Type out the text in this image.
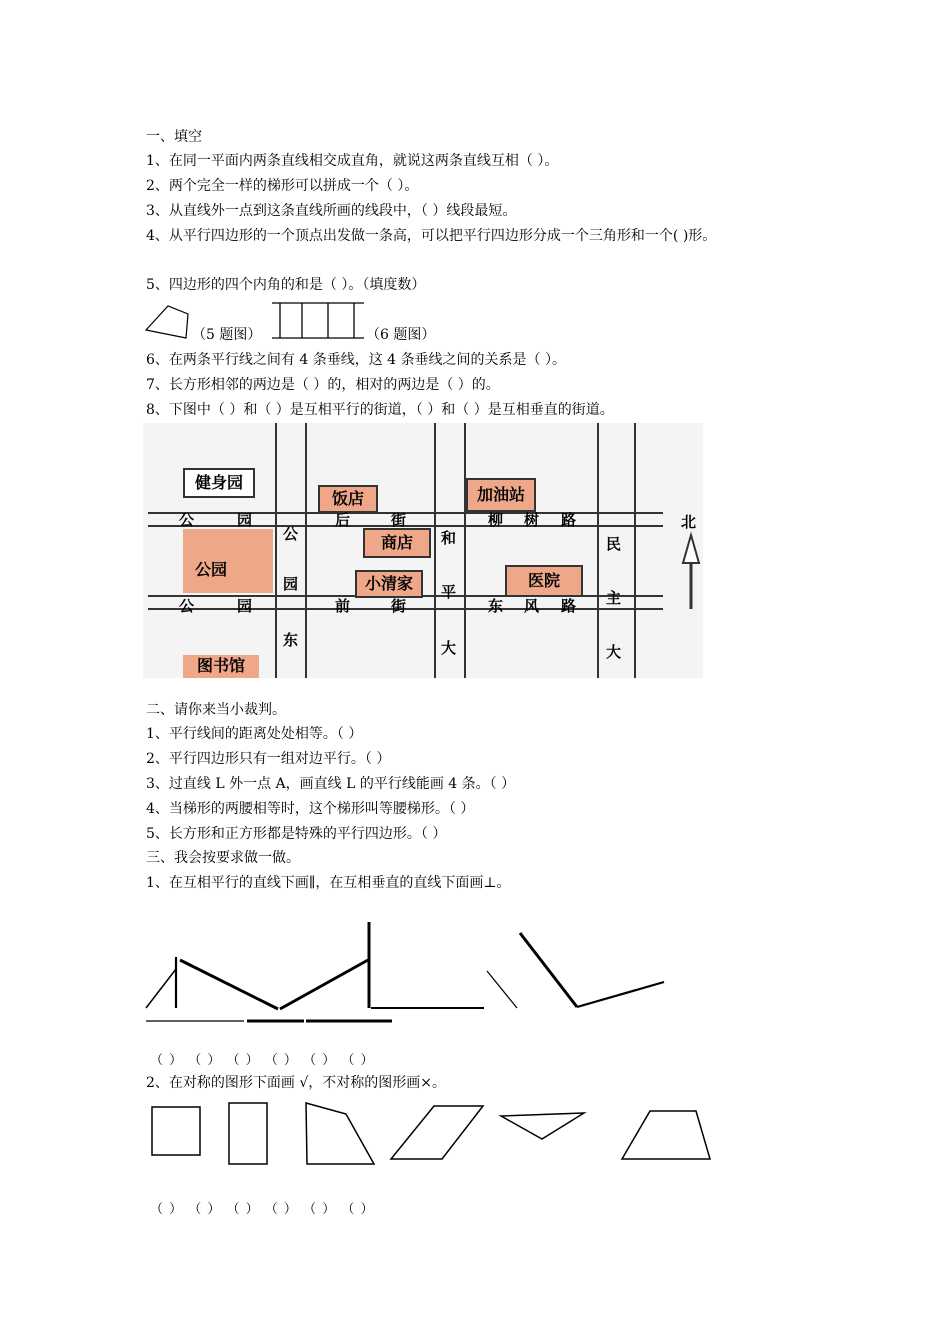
一、填空
1、在同一平面内两条直线相交成直角，就说这两条直线互相（ ）。
2、两个完全一样的梯形可以拼成一个（ ）。
3、从直线外一点到这条直线所画的线段中，（ ）线段最短。
4、从平行四边形的一个顶点出发做一条高，可以把平行四边形分成一个三角形和一个( )形。
5、四边形的四个内角的和是（ ）。（填度数）
（5 题图）	（6 题图）
6、在两条平行线之间有 4 条垂线，这 4 条垂线之间的关系是（ ）。
7、长方形相邻的两边是（ ）的，相对的两边是（ ）的。
8、下图中（ ）和（ ）是互相平行的街道，（ ）和（ ）是互相垂直的街道。
健身园
饭店	加油站
公园
商店
小清家	医院
图书馆
公	园	后	街	柳 树 路
公	园	前	街	东 风 路
公
园
东
和
平
大
民
主
大
北
二、请你来当小裁判。
1、平行线间的距离处处相等。（ ）
2、平行四边形只有一组对边平行。（ ）
3、过直线 L 外一点 A，画直线 L 的平行线能画 4 条。（ ）
4、当梯形的两腰相等时，这个梯形叫等腰梯形。（ ）
5、长方形和正方形都是特殊的平行四边形。（ ）
三、我会按要求做一做。
1、在互相平行的直线下画∥，在互相垂直的直线下面画⊥。
（ ） （ ） （ ） （ ） （ ） （ ）
2、在对称的图形下面画 √，不对称的图形画×。
（ ） （ ） （ ） （ ） （ ） （ ）
